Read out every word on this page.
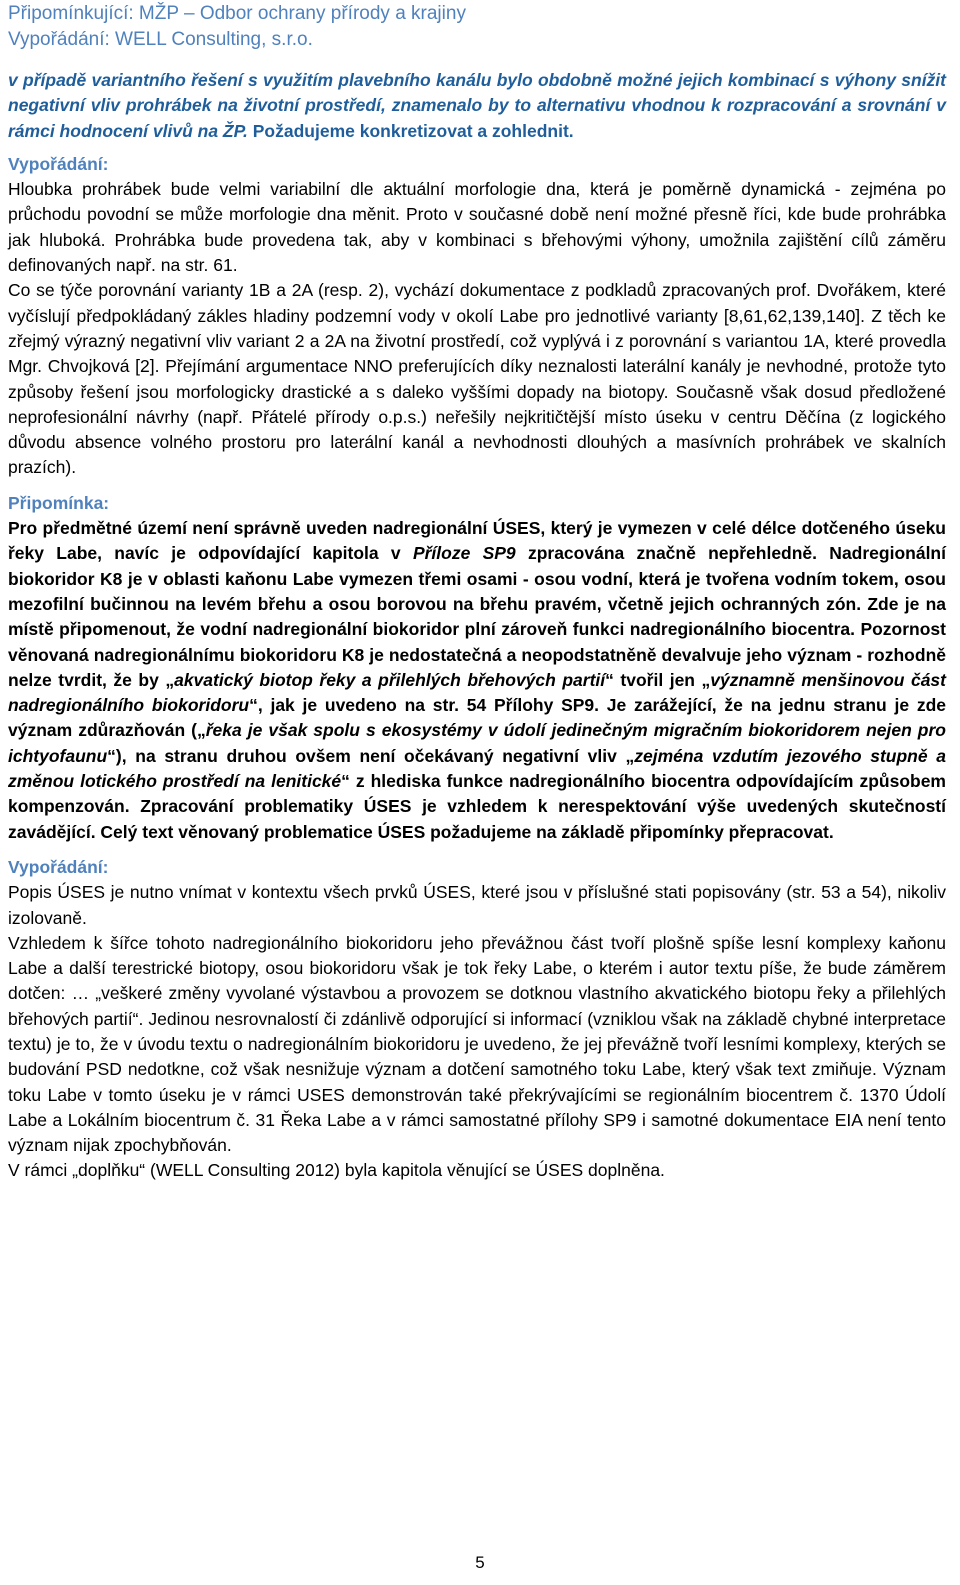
Připomínkující: MŽP – Odbor ochrany přírody a krajiny
Vypořádání: WELL Consulting, s.r.o.

v případě variantního řešení s využitím plavebního kanálu bylo obdobně možné jejich kombinací s výhony snížit negativní vliv prohrábek na životní prostředí, znamenalo by to alternativu vhodnou k rozpracování a srovnání v rámci hodnocení vlivů na ŽP. Požadujeme konkretizovat a zohlednit.

Vypořádání:

Hloubka prohrábek bude velmi variabilní dle aktuální morfologie dna, která je poměrně dynamická - zejména po průchodu povodní se může morfologie dna měnit. Proto v současné době není možné přesně říci, kde bude prohrábka jak hluboká. Prohrábka bude provedena tak, aby v kombinaci s břehovými výhony, umožnila zajištění cílů záměru definovaných např. na str. 61.

Co se týče porovnání varianty 1B a 2A (resp. 2), vychází dokumentace z podkladů zpracovaných prof. Dvořákem, které vyčíslují předpokládaný zákles hladiny podzemní vody v okolí Labe pro jednotlivé varianty [8,61,62,139,140]. Z těch ke zřejmý výrazný negativní vliv variant 2 a 2A na životní prostředí, což vyplývá i z porovnání s variantou 1A, které provedla Mgr. Chvojková [2]. Přejímání argumentace NNO preferujících díky neznalosti laterální kanály je nevhodné, protože tyto způsoby řešení jsou morfologicky drastické a s daleko vyššími dopady na biotopy. Současně však dosud předložené neprofesionální návrhy (např. Přátelé přírody o.p.s.) neřešily nejkritičtější místo úseku v centru Děčína (z logického důvodu absence volného prostoru pro laterální kanál a nevhodnosti dlouhých a masívních prohrábek ve skalních prazích).

Připomínka:

Pro předmětné území není správně uveden nadregionální ÚSES, který je vymezen v celé délce dotčeného úseku řeky Labe, navíc je odpovídající kapitola v Příloze SP9 zpracována značně nepřehledně. Nadregionální biokoridor K8 je v oblasti kaňonu Labe vymezen třemi osami - osou vodní, která je tvořena vodním tokem, osou mezofilní bučinnou na levém břehu a osou borovou na břehu pravém, včetně jejich ochranných zón. Zde je na místě připomenout, že vodní nadregionální biokoridor plní zároveň funkci nadregionálního biocentra. Pozornost věnovaná nadregionálnímu biokoridoru K8 je nedostatečná a neopodstatněně devalvuje jeho význam - rozhodně nelze tvrdit, že by „akvatický biotop řeky a přilehlých břehových partií“ tvořil jen „významně menšinovou část nadregionálního biokoridoru“, jak je uvedeno na str. 54 Přílohy SP9. Je zarážející, že na jednu stranu je zde význam zdůrazňován („řeka je však spolu s ekosystémy v údolí jedinečným migračním biokoridorem nejen pro ichtyofaunu“), na stranu druhou ovšem není očekávaný negativní vliv „zejména vzdutím jezového stupně a změnou lotického prostředí na lenitické“ z hlediska funkce nadregionálního biocentra odpovídajícím způsobem kompenzován. Zpracování problematiky ÚSES je vzhledem k nerespektování výše uvedených skutečností zavádějící. Celý text věnovaný problematice ÚSES požadujeme na základě připomínky přepracovat.

Vypořádání:

Popis ÚSES je nutno vnímat v kontextu všech prvků ÚSES, které jsou v příslušné stati popisovány (str. 53 a 54), nikoliv izolovaně.

Vzhledem k šířce tohoto nadregionálního biokoridoru jeho převážnou část tvoří plošně spíše lesní komplexy kaňonu Labe a další terestrické biotopy, osou biokoridoru však je tok řeky Labe, o kterém i autor textu píše, že bude záměrem dotčen: … „veškeré změny vyvolané výstavbou a provozem se dotknou vlastního akvatického biotopu řeky a přilehlých břehových partií“. Jedinou nesrovnalostí či zdánlivě odporující si informací (vzniklou však na základě chybné interpretace textu) je to, že v úvodu textu o nadregionálním biokoridoru je uvedeno, že jej převážně tvoří lesními komplexy, kterých se budování PSD nedotkne, což však nesnižuje význam a dotčení samotného toku Labe, který však text zmiňuje. Význam toku Labe v tomto úseku je v rámci USES demonstrován také překrývajícími se regionálním biocentrem č. 1370 Údolí Labe a Lokálním biocentrum č. 31 Řeka Labe a v rámci samostatné přílohy SP9 i samotné dokumentace EIA není tento význam nijak zpochybňován.

V rámci „doplňku“ (WELL Consulting 2012) byla kapitola věnující se ÚSES doplněna.

5
